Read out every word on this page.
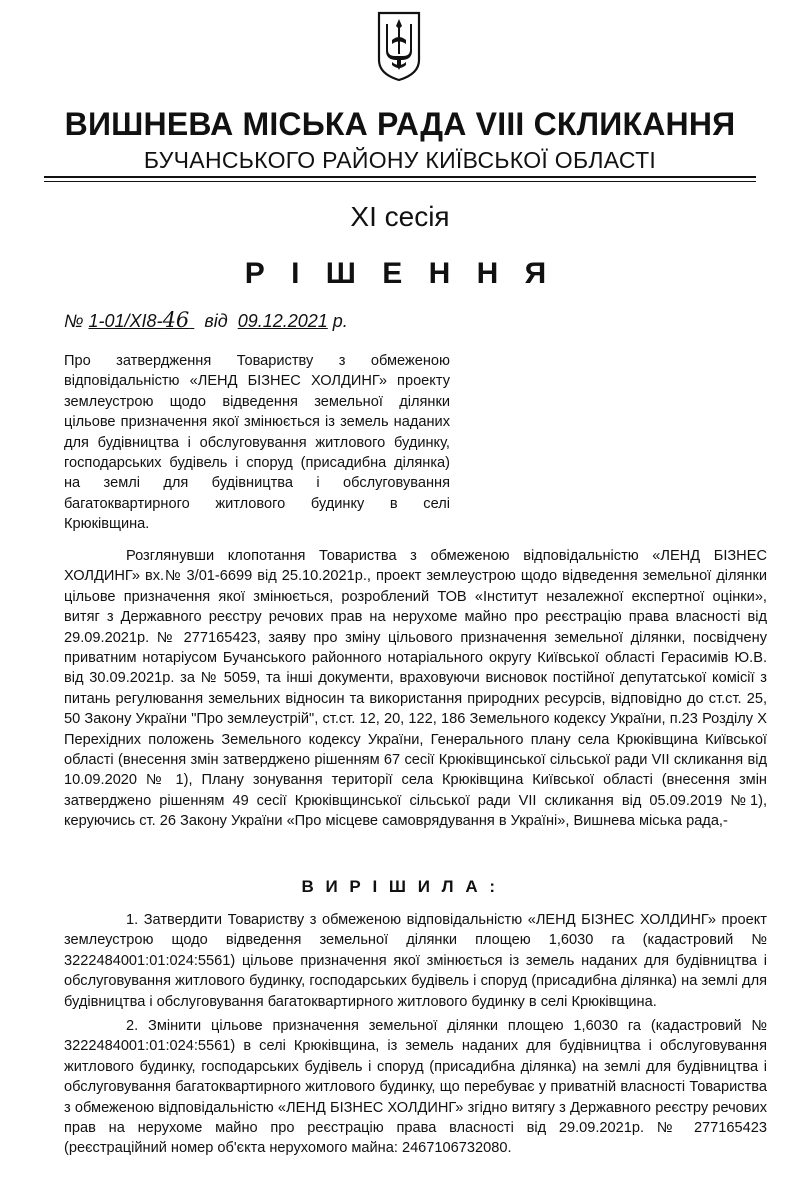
ВИШНЕВА МІСЬКА РАДА VIII СКЛИКАННЯ
БУЧАНСЬКОГО РАЙОНУ КИЇВСЬКОЇ ОБЛАСТІ
XI сесія
Р І Ш Е Н Н Я
№ 1-01/XI8-46 від 09.12.2021 р.
Про затвердження Товариству з обмеженою відповідальністю «ЛЕНД БІЗНЕС ХОЛДИНГ» проекту землеустрою щодо відведення земельної ділянки цільове призначення якої змінюється із земель наданих для будівництва і обслуговування житлового будинку, господарських будівель і споруд (присадибна ділянка) на землі для будівництва і обслуговування багатоквартирного житлового будинку в селі Крюківщина.
Розглянувши клопотання Товариства з обмеженою відповідальністю «ЛЕНД БІЗНЕС ХОЛДИНГ» вх.№ 3/01-6699 від 25.10.2021р., проект землеустрою щодо відведення земельної ділянки цільове призначення якої змінюється, розроблений ТОВ «Інститут незалежної експертної оцінки», витяг з Державного реєстру речових прав на нерухоме майно про реєстрацію права власності від 29.09.2021р. № 277165423, заяву про зміну цільового призначення земельної ділянки, посвідчену приватним нотаріусом Бучанського районного нотаріального округу Київської області Герасимів Ю.В. від 30.09.2021р. за № 5059, та інші документи, враховуючи висновок постійної депутатської комісії з питань регулювання земельних відносин та використання природних ресурсів, відповідно до ст.ст. 25, 50 Закону України "Про землеустрій", ст.ст. 12, 20, 122, 186 Земельного кодексу України, п.23 Розділу X Перехідних положень Земельного кодексу України, Генерального плану села Крюківщина Київської області (внесення змін затверджено рішенням 67 сесії Крюківщинської сільської ради VII скликання від 10.09.2020 № 1), Плану зонування території села Крюківщина Київської області (внесення змін затверджено рішенням 49 сесії Крюківщинської сільської ради VII скликання від 05.09.2019 №1), керуючись ст. 26 Закону України «Про місцеве самоврядування в Україні», Вишнева міська рада,-
В И Р І Ш И Л А :
1. Затвердити Товариству з обмеженою відповідальністю «ЛЕНД БІЗНЕС ХОЛДИНГ» проект землеустрою щодо відведення земельної ділянки площею 1,6030 га (кадастровий № 3222484001:01:024:5561) цільове призначення якої змінюється із земель наданих для будівництва і обслуговування житлового будинку, господарських будівель і споруд (присадибна ділянка) на землі для будівництва і обслуговування багатоквартирного житлового будинку в селі Крюківщина.
2. Змінити цільове призначення земельної ділянки площею 1,6030 га (кадастровий № 3222484001:01:024:5561) в селі Крюківщина, із земель наданих для будівництва і обслуговування житлового будинку, господарських будівель і споруд (присадибна ділянка) на землі для будівництва і обслуговування багатоквартирного житлового будинку, що перебуває у приватній власності Товариства з обмеженою відповідальністю «ЛЕНД БІЗНЕС ХОЛДИНГ» згідно витягу з Державного реєстру речових прав на нерухоме майно про реєстрацію права власності від 29.09.2021р. № 277165423 (реєстраційний номер об'єкта нерухомого майна: 2467106732080.
